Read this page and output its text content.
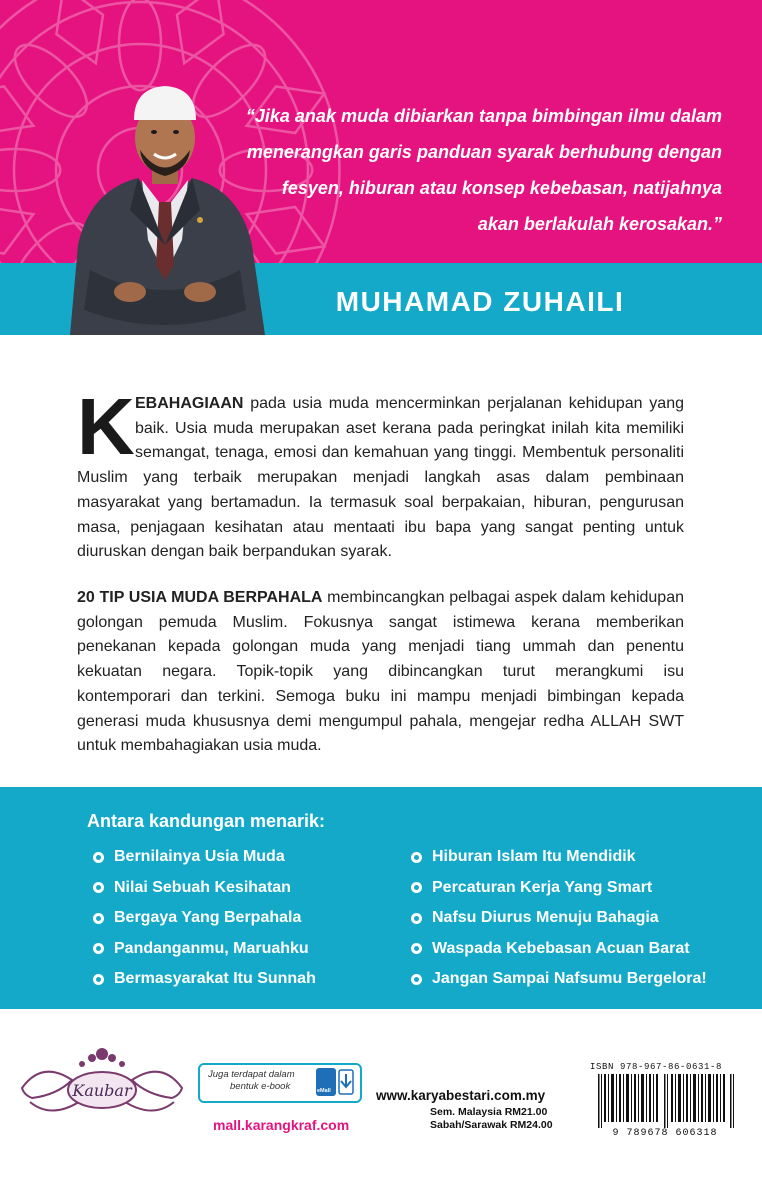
“Jika anak muda dibiarkan tanpa bimbingan ilmu dalam
menerangkan garis panduan syarak berhubung dengan
fesyen, hiburan atau konsep kebebasan, natijahnya
akan berlakulah kerosakan.”
MUHAMAD ZUHAILI
K EBAHAGIAAN pada usia muda mencerminkan perjalanan kehidupan yang
baik. Usia muda merupakan aset kerana pada peringkat inilah kita memiliki
semangat, tenaga, emosi dan kemahuan yang tinggi. Membentuk personaliti
Muslim yang terbaik merupakan menjadi langkah asas dalam pembinaan
masyarakat yang bertamadun. Ia termasuk soal berpakaian, hiburan, pengurusan
masa, penjagaan kesihatan atau mentaati ibu bapa yang sangat penting untuk
diuruskan dengan baik berpandukan syarak.
20 TIP USIA MUDA BERPAHALA membincangkan pelbagai aspek dalam kehidupan
golongan pemuda Muslim. Fokusnya sangat istimewa kerana memberikan
penekanan kepada golongan muda yang menjadi tiang ummah dan penentu
kekuatan negara. Topik-topik yang dibincangkan turut merangkumi isu
kontemporari dan terkini. Semoga buku ini mampu menjadi bimbingan kepada
generasi muda khususnya demi mengumpul pahala, mengejar redha ALLAH SWT
untuk membahagiakan usia muda.
Antara kandungan menarik:
Bernilainya Usia Muda
Nilai Sebuah Kesihatan
Bergaya Yang Berpahala
Pandanganmu, Maruahku
Bermasyarakat Itu Sunnah
Hiburan Islam Itu Mendidik
Percaturan Kerja Yang Smart
Nafsu Diurus Menuju Bahagia
Waspada Kebebasan Acuan Barat
Jangan Sampai Nafsumu Bergelora!
Kaubar
Juga terdapat dalam
bentuk e-book	eMall
mall.karangkraf.com
www.karyabestari.com.my
Sem. Malaysia RM21.00
Sabah/Sarawak RM24.00
ISBN 978-967-86-0631-8
9 789678 606318
